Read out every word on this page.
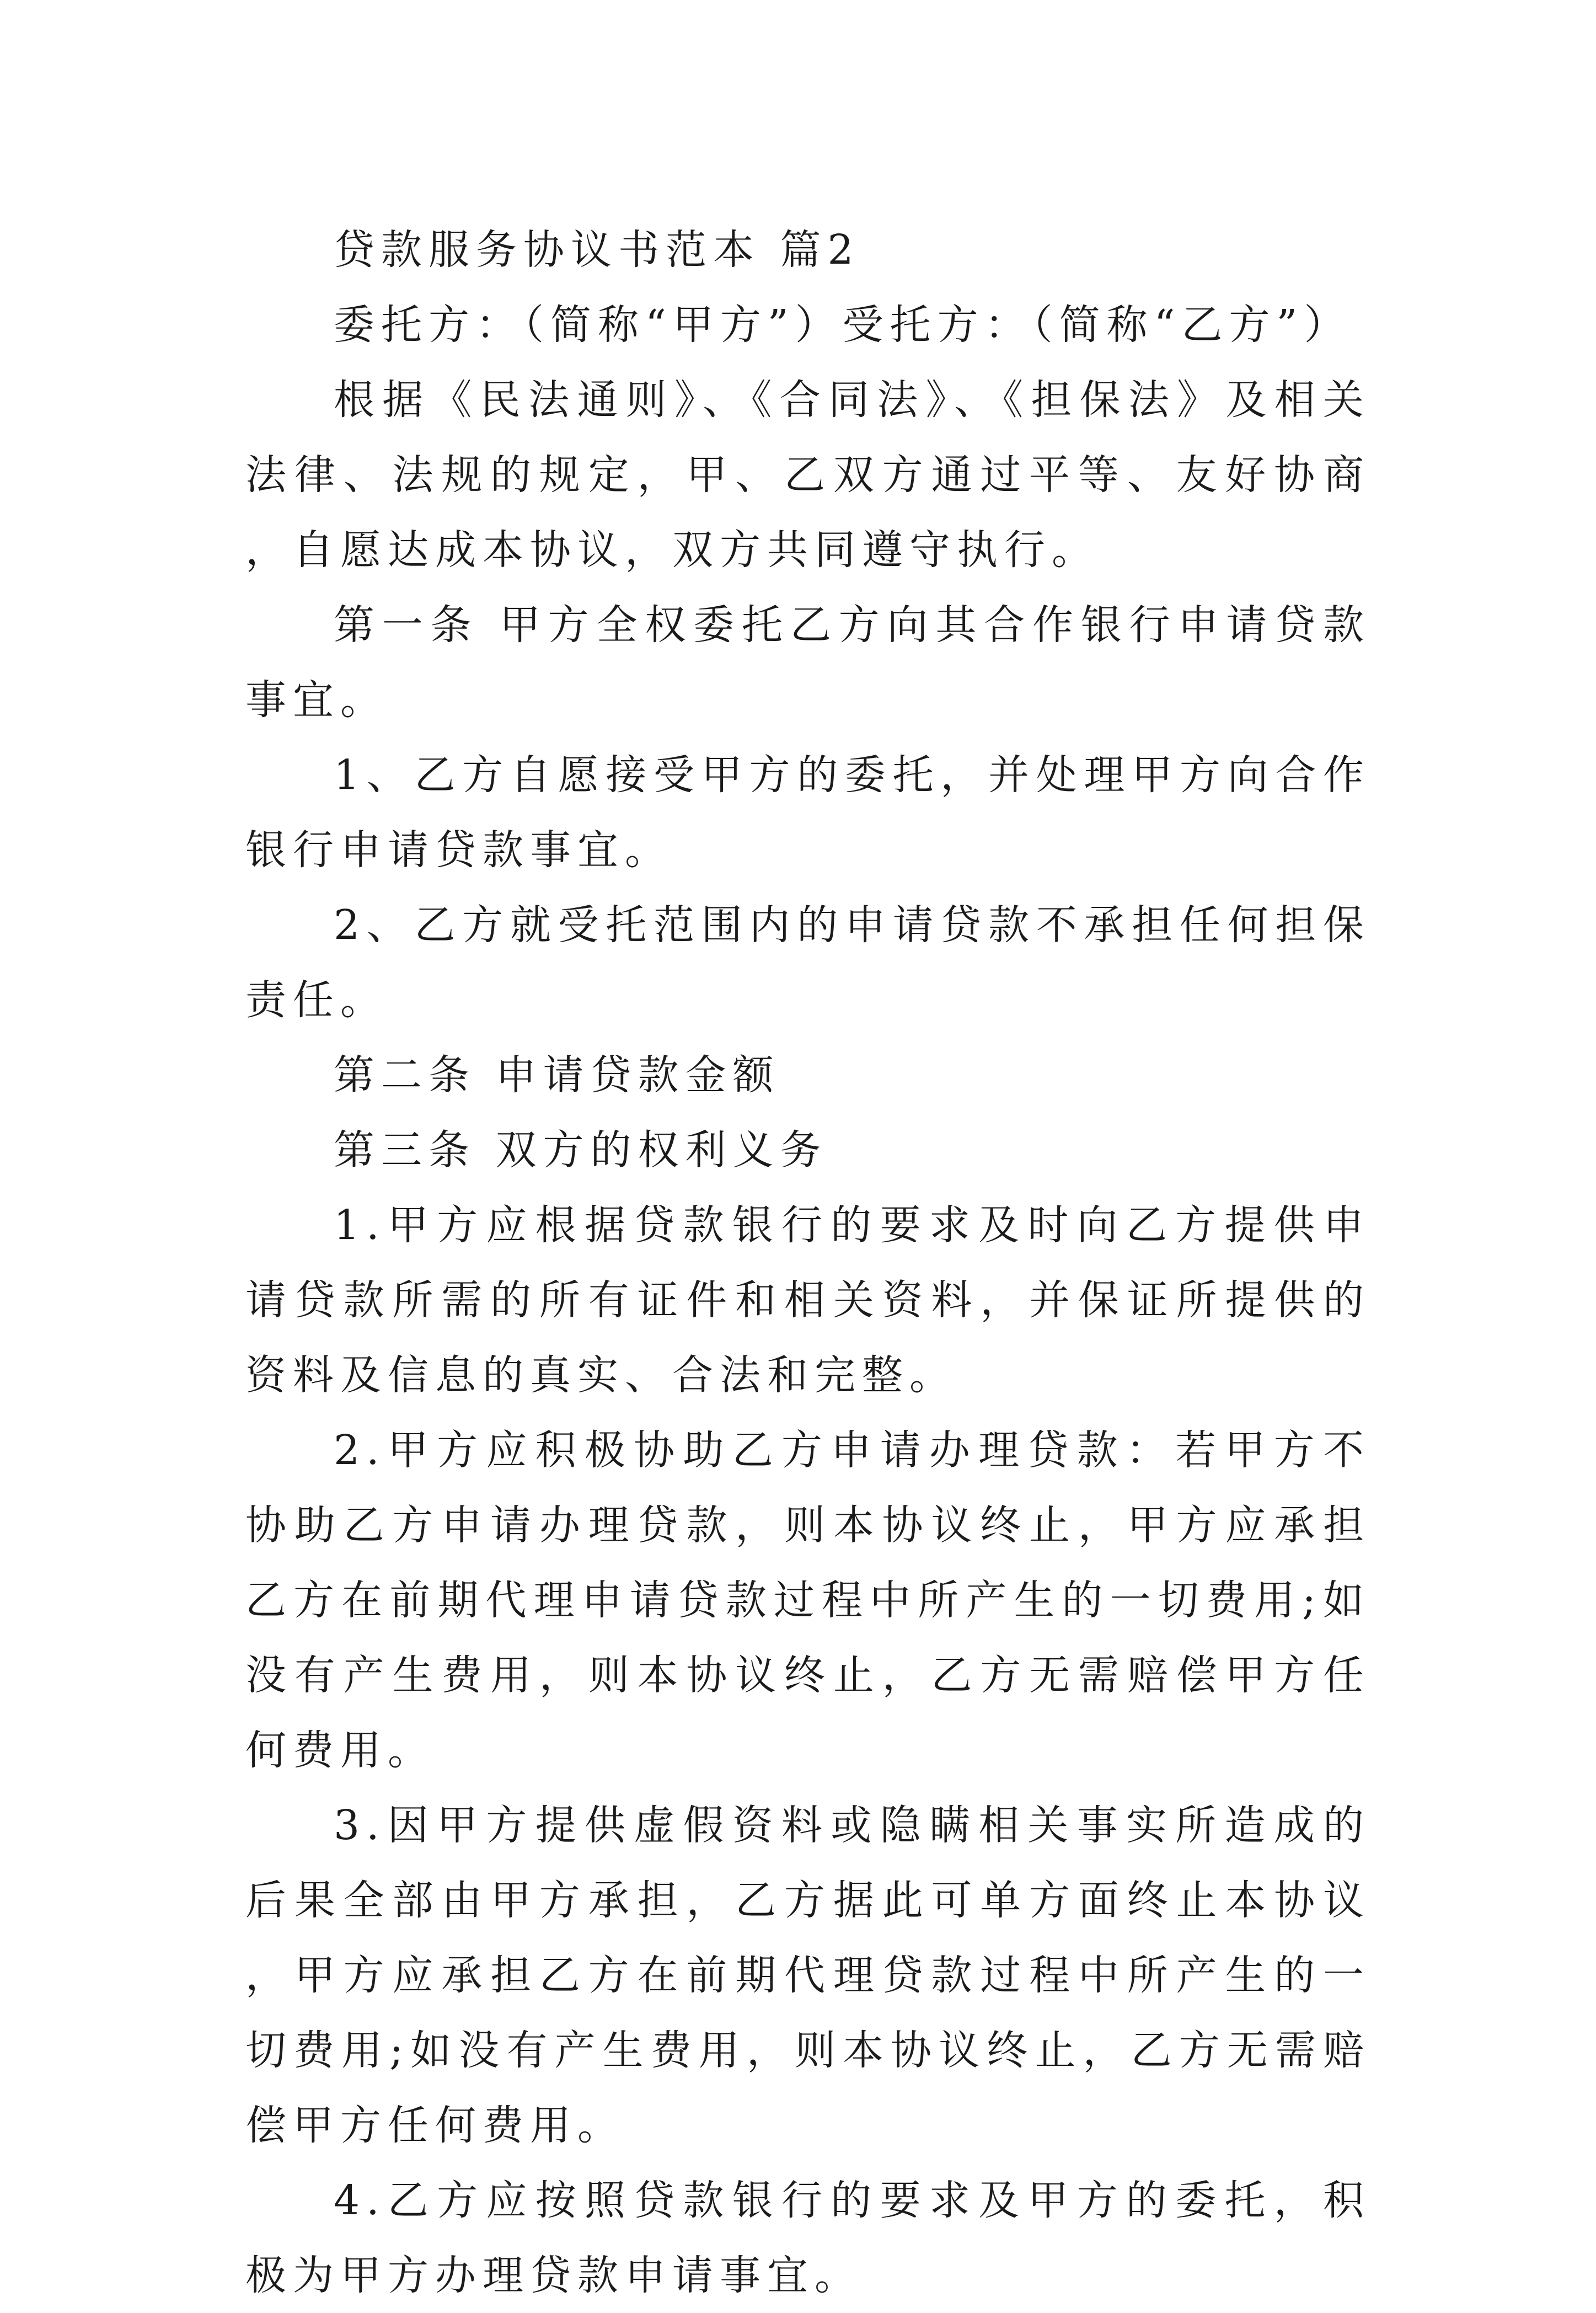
贷款服务协议书范本 篇2

委托方：（简称“甲方”）受托方：（简称“乙方”）

根据《民法通则》、《合同法》、《担保法》及相关法律、法规的规定，甲、乙双方通过平等、友好协商，自愿达成本协议，双方共同遵守执行。

第一条 甲方全权委托乙方向其合作银行申请贷款事宜。

1、乙方自愿接受甲方的委托，并处理甲方向合作银行申请贷款事宜。

2、乙方就受托范围内的申请贷款不承担任何担保责任。

第二条 申请贷款金额

第三条 双方的权利义务

1.甲方应根据贷款银行的要求及时向乙方提供申请贷款所需的所有证件和相关资料，并保证所提供的资料及信息的真实、合法和完整。

2.甲方应积极协助乙方申请办理贷款：若甲方不协助乙方申请办理贷款，则本协议终止，甲方应承担乙方在前期代理申请贷款过程中所产生的一切费用;如没有产生费用，则本协议终止，乙方无需赔偿甲方任何费用。

3.因甲方提供虚假资料或隐瞒相关事实所造成的后果全部由甲方承担，乙方据此可单方面终止本协议，甲方应承担乙方在前期代理贷款过程中所产生的一切费用;如没有产生费用，则本协议终止，乙方无需赔偿甲方任何费用。

4.乙方应按照贷款银行的要求及甲方的委托，积极为甲方办理贷款申请事宜。
